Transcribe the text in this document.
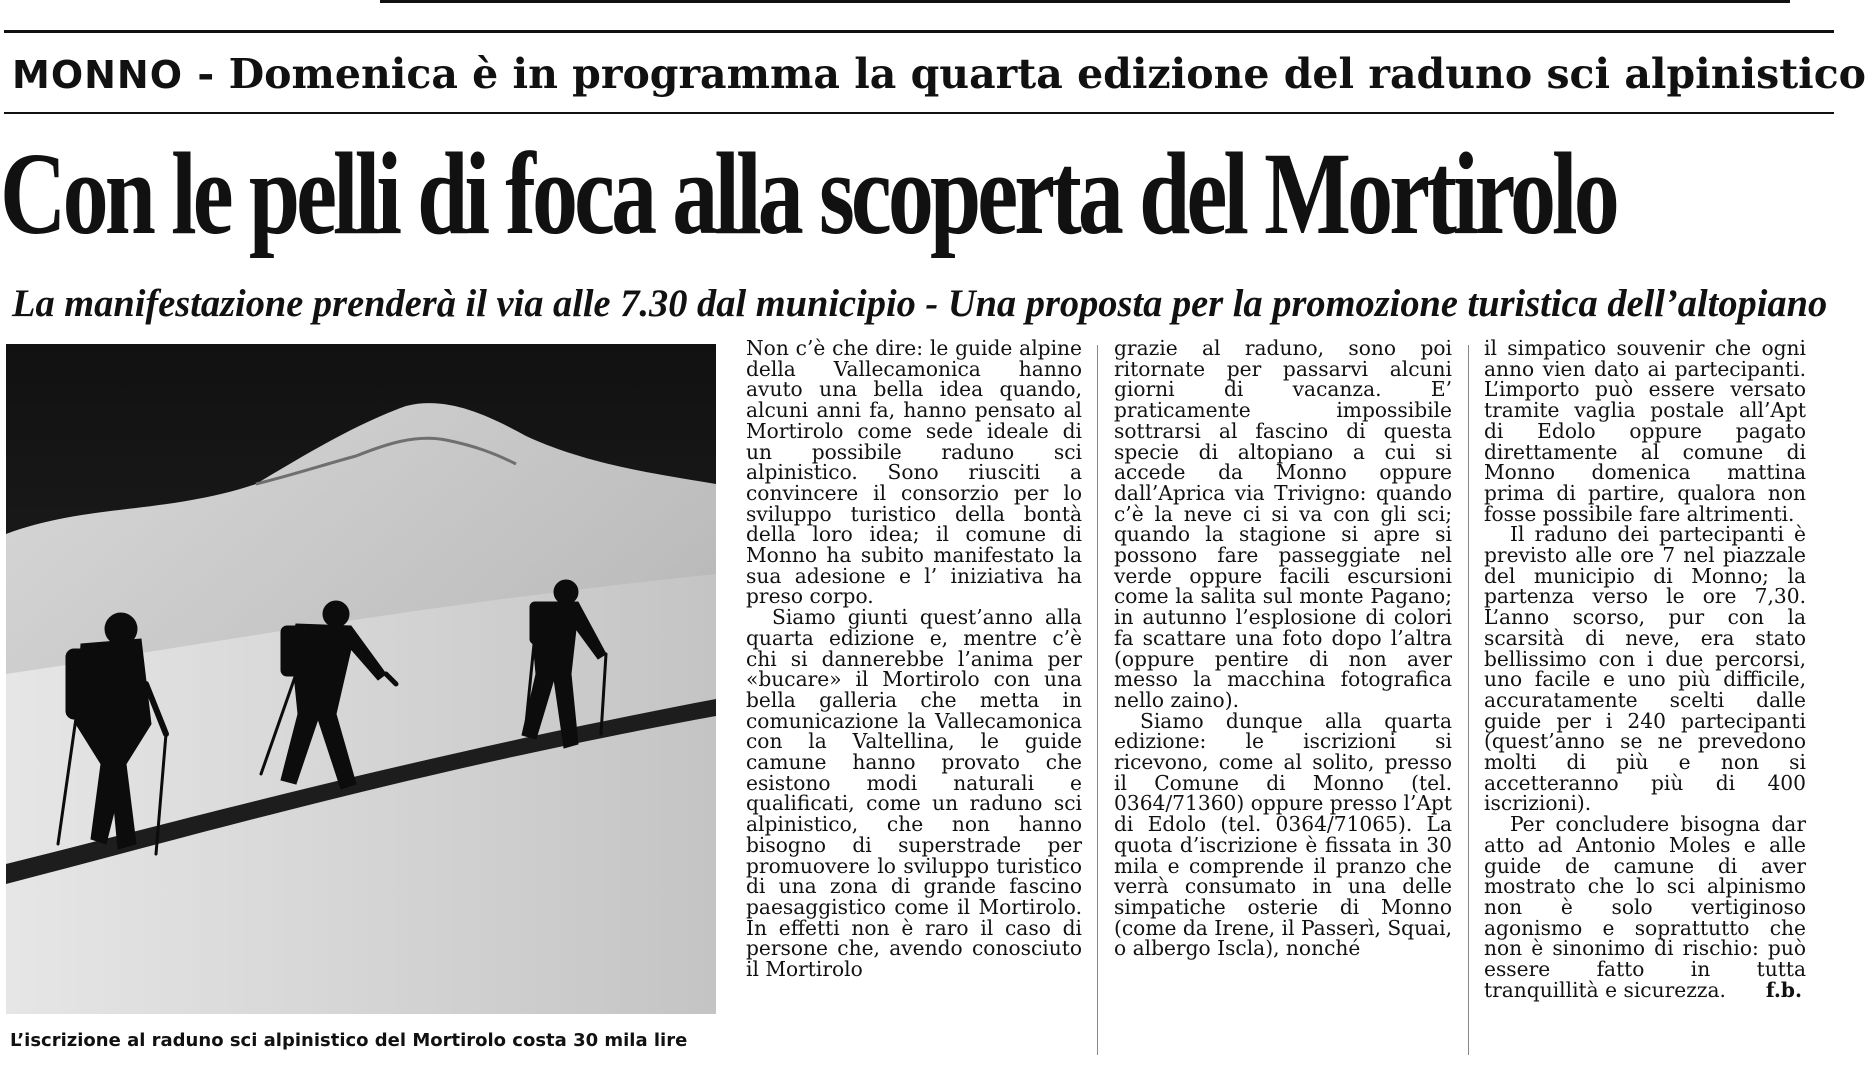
MONNO - Domenica è in programma la quarta edizione del raduno sci alpinistico
Con le pelli di foca alla scoperta del Mortirolo
La manifestazione prenderà il via alle 7.30 dal municipio - Una proposta per la promozione turistica dell’altopiano
L’iscrizione al raduno sci alpinistico del Mortirolo costa 30 mila lire

Non c’è che dire: le guide alpine della Vallecamonica hanno avuto una bella idea quando, alcuni anni fa, hanno pensato al Mortirolo come sede ideale di un possibile raduno sci alpinistico. Sono riusciti a convincere il consorzio per lo sviluppo turistico della bontà della loro idea; il comune di Monno ha subito manifestato la sua adesione e l’ iniziativa ha preso corpo.

Siamo giunti quest’anno alla quarta edizione e, mentre c’è chi si dannerebbe l’anima per «bucare» il Mortirolo con una bella galleria che metta in comunicazione la Vallecamonica con la Valtellina, le guide camune hanno provato che esistono modi naturali e qualificati, come un raduno sci alpinistico, che non hanno bisogno di superstrade per promuovere lo sviluppo turistico di una zona di grande fascino paesaggistico come il Mortirolo. In effetti non è raro il caso di persone che, avendo conosciuto il Mortirolo

grazie al raduno, sono poi ritornate per passarvi alcuni giorni di vacanza. E’ praticamente impossibile sottrarsi al fascino di questa specie di altopiano a cui si accede da Monno oppure dall’Aprica via Trivigno: quando c’è la neve ci si va con gli sci; quando la stagione si apre si possono fare passeggiate nel verde oppure facili escursioni come la salita sul monte Pagano; in autunno l’esplosione di colori fa scattare una foto dopo l’altra (oppure pentire di non aver messo la macchina fotografica nello zaino).

Siamo dunque alla quarta edizione: le iscrizioni si ricevono, come al solito, presso il Comune di Monno (tel. 0364/71360) oppure presso l’Apt di Edolo (tel. 0364/71065). La quota d’iscrizione è fissata in 30 mila e comprende il pranzo che verrà consumato in una delle simpatiche osterie di Monno (come da Irene, il Passerì, Squai, o albergo Iscla), nonché

il simpatico souvenir che ogni anno vien dato ai partecipanti. L’importo può essere versato tramite vaglia postale all’Apt di Edolo oppure pagato direttamente al comune di Monno domenica mattina prima di partire, qualora non fosse possibile fare altrimenti.

Il raduno dei partecipanti è previsto alle ore 7 nel piazzale del municipio di Monno; la partenza verso le ore 7,30. L’anno scorso, pur con la scarsità di neve, era stato bellissimo con i due percorsi, uno facile e uno più difficile, accuratamente scelti dalle guide per i 240 partecipanti (quest’anno se ne prevedono molti di più e non si accetteranno più di 400 iscrizioni).

Per concludere bisogna dar atto ad Antonio Moles e alle guide de camune di aver mostrato che lo sci alpinismo non è solo vertiginoso agonismo e soprattutto che non è sinonimo di rischio: può essere fatto in tutta tranquillità e sicurezza.	f.b.
